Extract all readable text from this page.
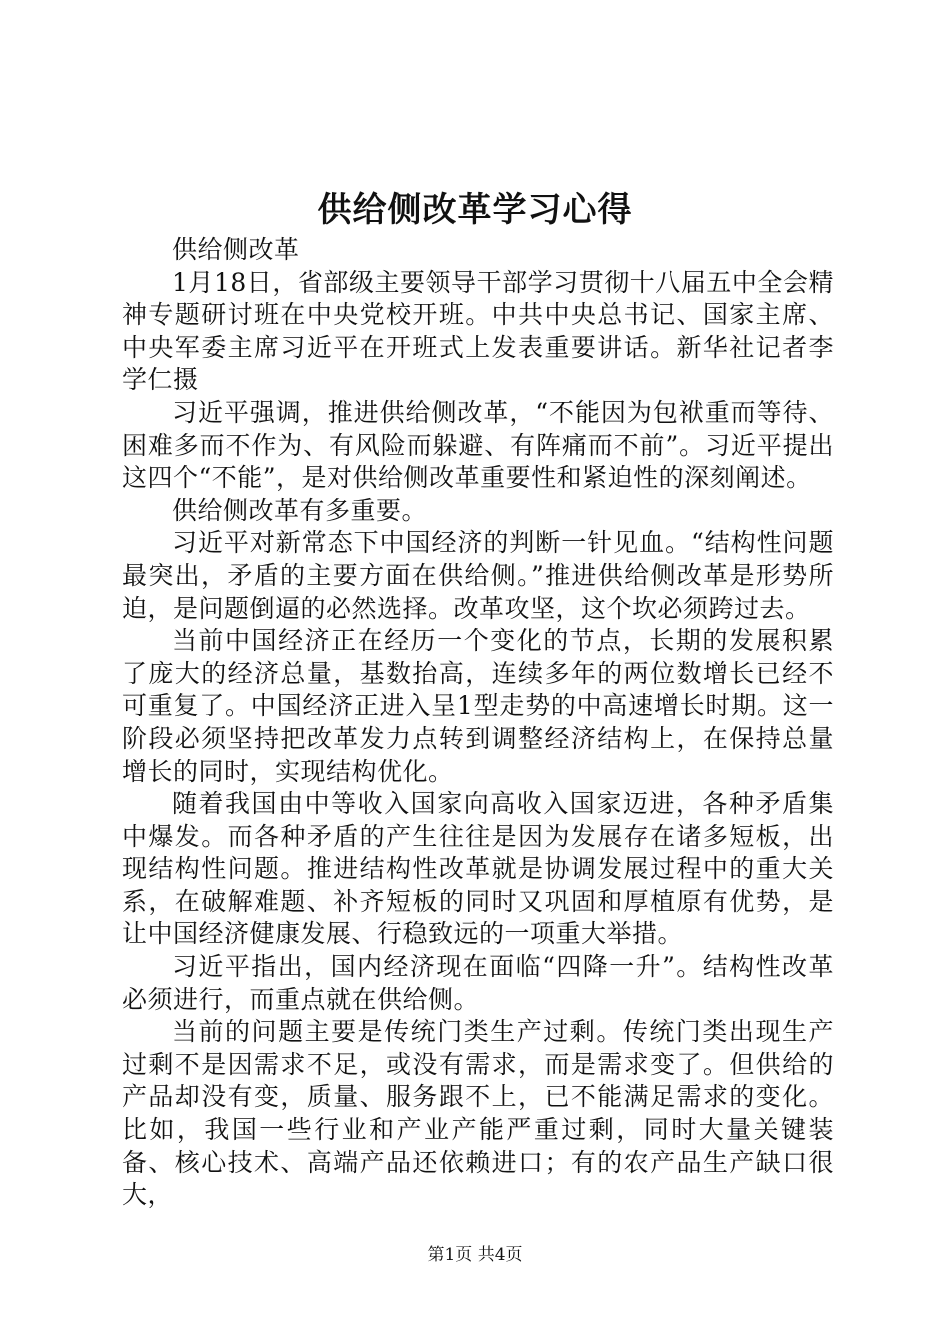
供给侧改革学习心得

供给侧改革

1月18日，省部级主要领导干部学习贯彻十八届五中全会精神专题研讨班在中央党校开班。中共中央总书记、国家主席、中央军委主席习近平在开班式上发表重要讲话。新华社记者李学仁摄

习近平强调，推进供给侧改革，“不能因为包袱重而等待、困难多而不作为、有风险而躲避、有阵痛而不前”。习近平提出这四个“不能”，是对供给侧改革重要性和紧迫性的深刻阐述。

供给侧改革有多重要。

习近平对新常态下中国经济的判断一针见血。“结构性问题最突出，矛盾的主要方面在供给侧。”推进供给侧改革是形势所迫，是问题倒逼的必然选择。改革攻坚，这个坎必须跨过去。

当前中国经济正在经历一个变化的节点，长期的发展积累了庞大的经济总量，基数抬高，连续多年的两位数增长已经不可重复了。中国经济正进入呈1型走势的中高速增长时期。这一阶段必须坚持把改革发力点转到调整经济结构上，在保持总量增长的同时，实现结构优化。

随着我国由中等收入国家向高收入国家迈进，各种矛盾集中爆发。而各种矛盾的产生往往是因为发展存在诸多短板，出现结构性问题。推进结构性改革就是协调发展过程中的重大关系，在破解难题、补齐短板的同时又巩固和厚植原有优势，是让中国经济健康发展、行稳致远的一项重大举措。

习近平指出，国内经济现在面临“四降一升”。结构性改革必须进行，而重点就在供给侧。

当前的问题主要是传统门类生产过剩。传统门类出现生产过剩不是因需求不足，或没有需求，而是需求变了。但供给的产品却没有变，质量、服务跟不上，已不能满足需求的变化。比如，我国一些行业和产业产能严重过剩，同时大量关键装备、核心技术、高端产品还依赖进口；有的农产品生产缺口很大，

第1页 共4页
